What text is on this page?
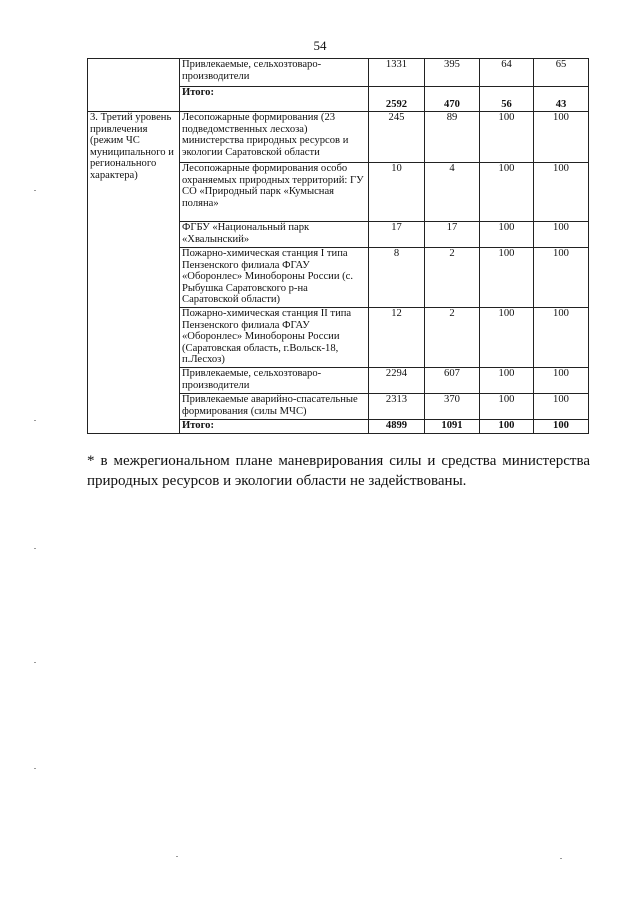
54
	Привлекаемые, сельхозтоваро-производители	1331	395	64	65
	Итого:	2592	470	56	43
3. Третий уровень привлечения (режим ЧС муниципального и регионального характера)	Лесопожарные формирования (23 подведомственных лесхоза) министерства природных ресурсов и экологии Саратовской области	245	89	100	100
	Лесопожарные формирования особо охраняемых природных территорий: ГУ СО «Природный парк «Кумысная поляна»	10	4	100	100
	ФГБУ «Национальный парк «Хвалынский»	17	17	100	100
	Пожарно-химическая станция I типа Пензенского филиала ФГАУ «Оборонлес» Минобороны России (с. Рыбушка Саратовского р-на Саратовской области)	8	2	100	100
	Пожарно-химическая станция II типа Пензенского филиала ФГАУ «Оборонлес» Минобороны России (Саратовская область, г.Вольск-18, п.Лесхоз)	12	2	100	100
	Привлекаемые, сельхозтоваро-производители	2294	607	100	100
	Привлекаемые аварийно-спасательные формирования (силы МЧС)	2313	370	100	100
	Итого:	4899	1091	100	100
* в межрегиональном плане маневрирования силы и средства министерства природных ресурсов и экологии области не задействованы.
